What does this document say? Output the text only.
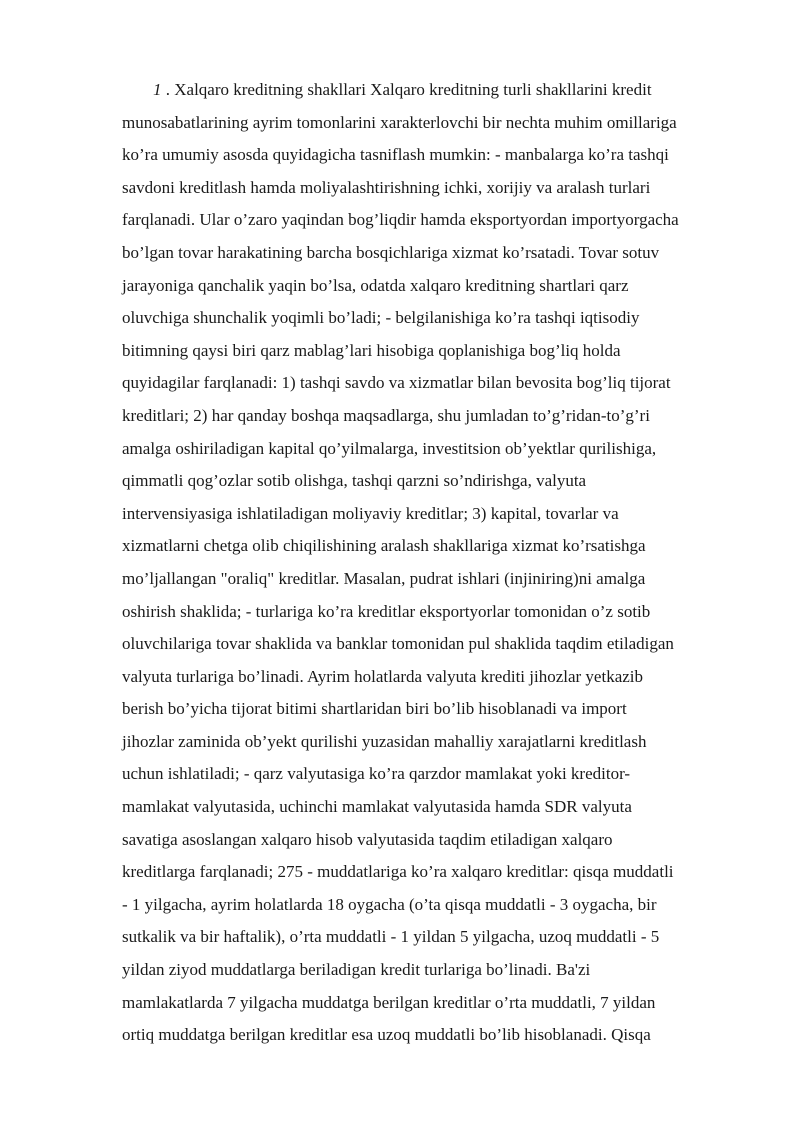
1 . Xalqaro kreditning shakllari Xalqaro kreditning turli shakllarini kredit
munosabatlarining ayrim tomonlarini xarakterlovchi bir nechta muhim omillariga
ko’ra umumiy asosda quyidagicha tasniflash mumkin: - manbalarga ko’ra tashqi
savdoni kreditlash hamda moliyalashtirishning ichki, xorijiy va aralash turlari
farqlanadi. Ular o’zaro yaqindan bog’liqdir hamda eksportyordan importyorgacha
bo’lgan tovar harakatining barcha bosqichlariga xizmat ko’rsatadi. Tovar sotuv
jarayoniga qanchalik yaqin bo’lsa, odatda xalqaro kreditning shartlari qarz
oluvchiga shunchalik yoqimli bo’ladi; - belgilanishiga ko’ra tashqi iqtisodiy
bitimning qaysi biri qarz mablag’lari hisobiga qoplanishiga bog’liq holda
quyidagilar farqlanadi: 1) tashqi savdo va xizmatlar bilan bevosita bog’liq tijorat
kreditlari; 2) har qanday boshqa maqsadlarga, shu jumladan to’g’ridan-to’g’ri
amalga oshiriladigan kapital qo’yilmalarga, investitsion ob’yektlar qurilishiga,
qimmatli qog’ozlar sotib olishga, tashqi qarzni so’ndirishga, valyuta
intervensiyasiga ishlatiladigan moliyaviy kreditlar; 3) kapital, tovarlar va
xizmatlarni chetga olib chiqilishining aralash shakllariga xizmat ko’rsatishga
mo’ljallangan "oraliq" kreditlar. Masalan, pudrat ishlari (injiniring)ni amalga
oshirish shaklida; - turlariga ko’ra kreditlar eksportyorlar tomonidan o’z sotib
oluvchilariga tovar shaklida va banklar tomonidan pul shaklida taqdim etiladigan
valyuta turlariga bo’linadi. Ayrim holatlarda valyuta krediti jihozlar yetkazib
berish bo’yicha tijorat bitimi shartlaridan biri bo’lib hisoblanadi va import
jihozlar zaminida ob’yekt qurilishi yuzasidan mahalliy xarajatlarni kreditlash
uchun ishlatiladi; - qarz valyutasiga ko’ra qarzdor mamlakat yoki kreditor-
mamlakat valyutasida, uchinchi mamlakat valyutasida hamda SDR valyuta
savatiga asoslangan xalqaro hisob valyutasida taqdim etiladigan xalqaro
kreditlarga farqlanadi; 275 - muddatlariga ko’ra xalqaro kreditlar: qisqa muddatli
- 1 yilgacha, ayrim holatlarda 18 oygacha (o’ta qisqa muddatli - 3 oygacha, bir
sutkalik va bir haftalik), o’rta muddatli - 1 yildan 5 yilgacha, uzoq muddatli - 5
yildan ziyod muddatlarga beriladigan kredit turlariga bo’linadi. Ba'zi
mamlakatlarda 7 yilgacha muddatga berilgan kreditlar o’rta muddatli, 7 yildan
ortiq muddatga berilgan kreditlar esa uzoq muddatli bo’lib hisoblanadi. Qisqa
